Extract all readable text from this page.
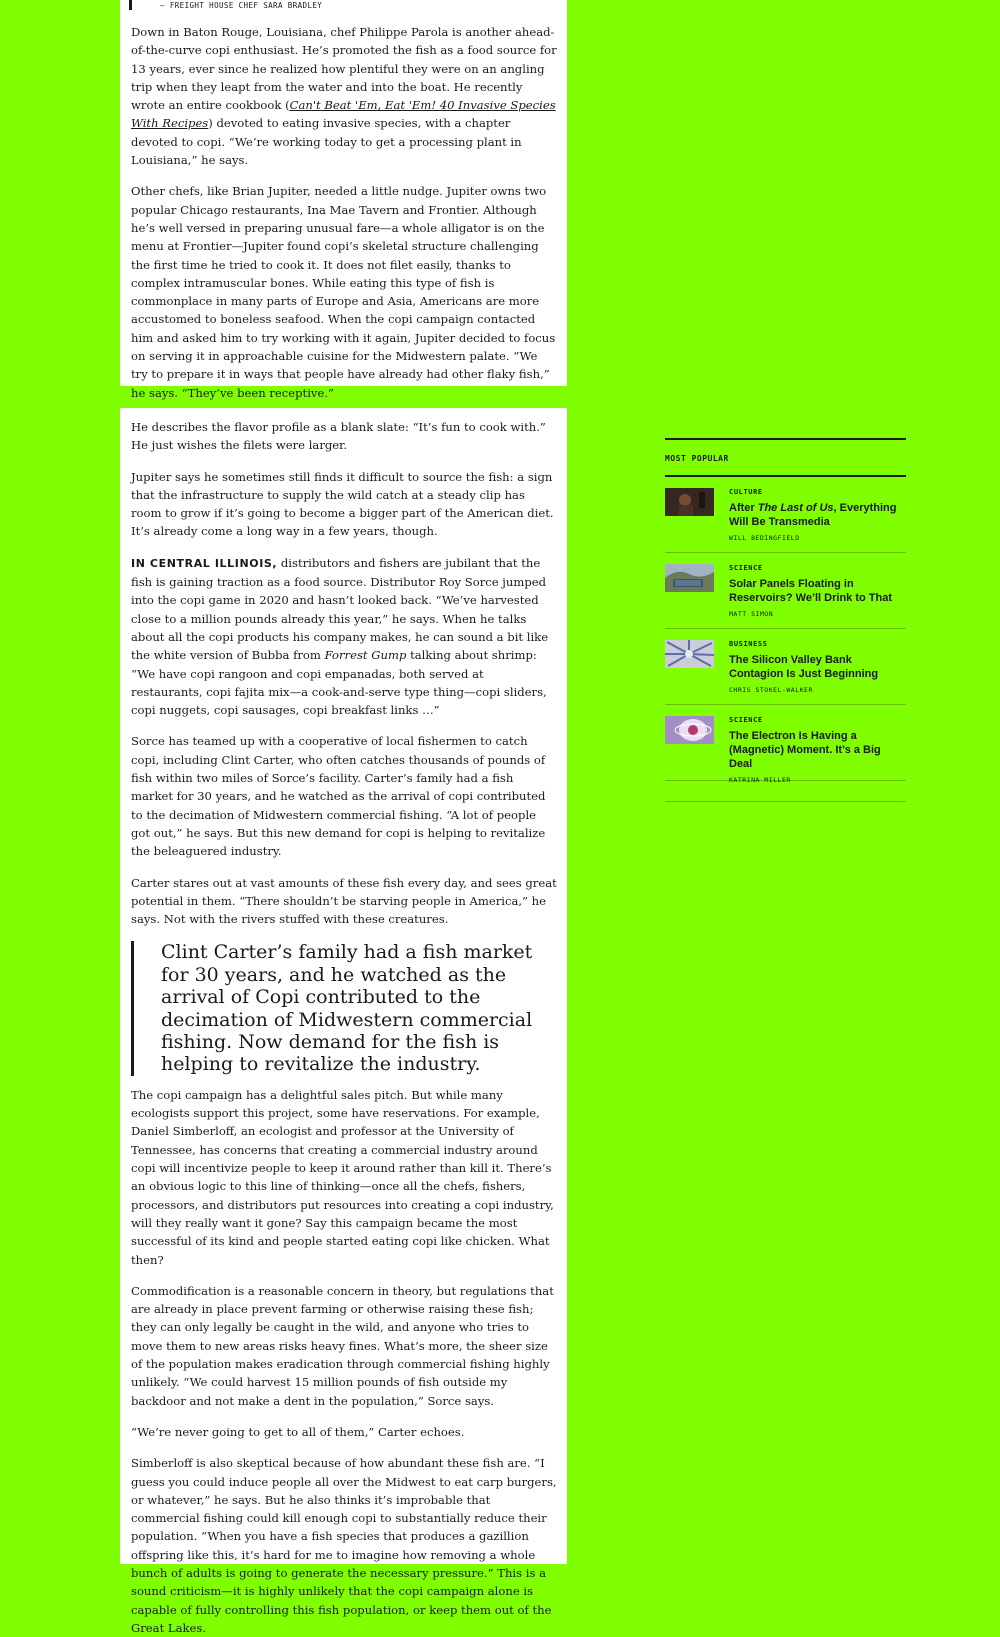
— FREIGHT HOUSE CHEF SARA BRADLEY

Down in Baton Rouge, Louisiana, chef Philippe Parola is another ahead-of-the-curve copi enthusiast. He’s promoted the fish as a food source for 13 years, ever since he realized how plentiful they were on an angling trip when they leapt from the water and into the boat. He recently wrote an entire cookbook (Can't Beat 'Em, Eat 'Em! 40 Invasive Species With Recipes) devoted to eating invasive species, with a chapter devoted to copi. “We’re working today to get a processing plant in Louisiana,” he says.

Other chefs, like Brian Jupiter, needed a little nudge. Jupiter owns two popular Chicago restaurants, Ina Mae Tavern and Frontier. Although he’s well versed in preparing unusual fare—a whole alligator is on the menu at Frontier—Jupiter found copi’s skeletal structure challenging the first time he tried to cook it. It does not filet easily, thanks to complex intramuscular bones. While eating this type of fish is commonplace in many parts of Europe and Asia, Americans are more accustomed to boneless seafood. When the copi campaign contacted him and asked him to try working with it again, Jupiter decided to focus on serving it in approachable cuisine for the Midwestern palate. “We try to prepare it in ways that people have already had other flaky fish,” he says. “They’ve been receptive.”

He describes the flavor profile as a blank slate: “It’s fun to cook with.” He just wishes the filets were larger.

Jupiter says he sometimes still finds it difficult to source the fish: a sign that the infrastructure to supply the wild catch at a steady clip has room to grow if it’s going to become a bigger part of the American diet. It’s already come a long way in a few years, though.

IN CENTRAL ILLINOIS, distributors and fishers are jubilant that the fish is gaining traction as a food source. Distributor Roy Sorce jumped into the copi game in 2020 and hasn’t looked back. “We’ve harvested close to a million pounds already this year,” he says. When he talks about all the copi products his company makes, he can sound a bit like the white version of Bubba from Forrest Gump talking about shrimp: “We have copi rangoon and copi empanadas, both served at restaurants, copi fajita mix—a cook-and-serve type thing—copi sliders, copi nuggets, copi sausages, copi breakfast links …”

Sorce has teamed up with a cooperative of local fishermen to catch copi, including Clint Carter, who often catches thousands of pounds of fish within two miles of Sorce’s facility. Carter’s family had a fish market for 30 years, and he watched as the arrival of copi contributed to the decimation of Midwestern commercial fishing. “A lot of people got out,” he says. But this new demand for copi is helping to revitalize the beleaguered industry.

Carter stares out at vast amounts of these fish every day, and sees great potential in them. “There shouldn’t be starving people in America,” he says. Not with the rivers stuffed with these creatures.

Clint Carter’s family had a fish market for 30 years, and he watched as the arrival of Copi contributed to the decimation of Midwestern commercial fishing. Now demand for the fish is helping to revitalize the industry.

The copi campaign has a delightful sales pitch. But while many ecologists support this project, some have reservations. For example, Daniel Simberloff, an ecologist and professor at the University of Tennessee, has concerns that creating a commercial industry around copi will incentivize people to keep it around rather than kill it. There’s an obvious logic to this line of thinking—once all the chefs, fishers, processors, and distributors put resources into creating a copi industry, will they really want it gone? Say this campaign became the most successful of its kind and people started eating copi like chicken. What then?

Commodification is a reasonable concern in theory, but regulations that are already in place prevent farming or otherwise raising these fish; they can only legally be caught in the wild, and anyone who tries to move them to new areas risks heavy fines. What’s more, the sheer size of the population makes eradication through commercial fishing highly unlikely. “We could harvest 15 million pounds of fish outside my backdoor and not make a dent in the population,” Sorce says.

“We’re never going to get to all of them,” Carter echoes.

Simberloff is also skeptical because of how abundant these fish are. “I guess you could induce people all over the Midwest to eat carp burgers, or whatever,” he says. But he also thinks it’s improbable that commercial fishing could kill enough copi to substantially reduce their population. “When you have a fish species that produces a gazillion offspring like this, it’s hard for me to imagine how removing a whole bunch of adults is going to generate the necessary pressure.” This is a sound criticism—it is highly unlikely that the copi campaign alone is capable of fully controlling this fish population, or keep them out of the Great Lakes.

MOST POPULAR
CULTURE
After The Last of Us, Everything Will Be Transmedia
WILL BEDINGFIELD
SCIENCE
Solar Panels Floating in Reservoirs? We’ll Drink to That
MATT SIMON
BUSINESS
The Silicon Valley Bank Contagion Is Just Beginning
CHRIS STOKEL-WALKER
SCIENCE
The Electron Is Having a (Magnetic) Moment. It’s a Big Deal
KATRINA MILLER
